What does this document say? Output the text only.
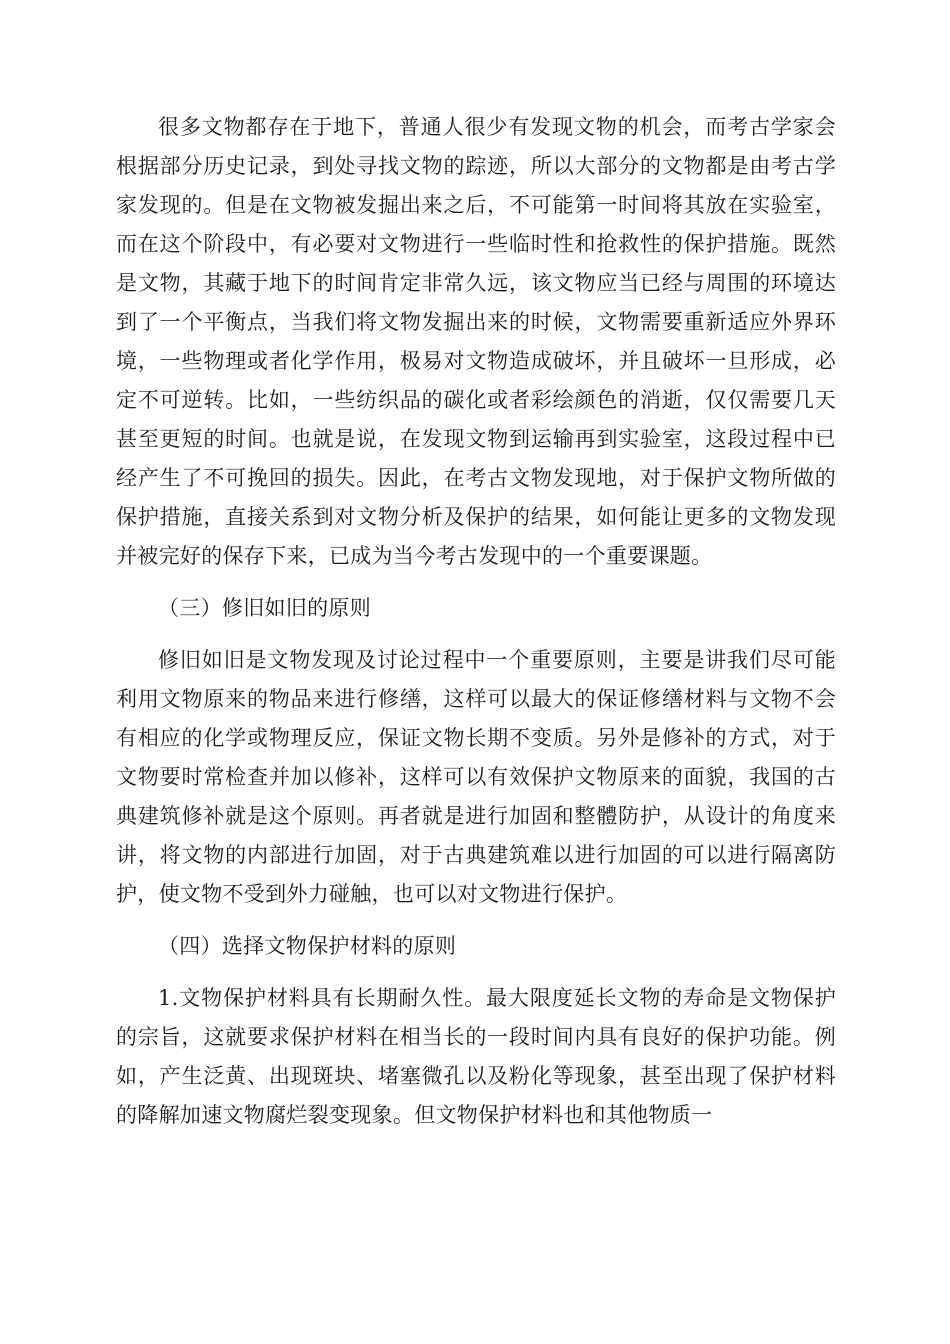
很多文物都存在于地下，普通人很少有发现文物的机会，而考古学家会根据部分历史记录，到处寻找文物的踪迹，所以大部分的文物都是由考古学家发现的。但是在文物被发掘出来之后，不可能第一时间将其放在实验室，而在这个阶段中，有必要对文物进行一些临时性和抢救性的保护措施。既然是文物，其藏于地下的时间肯定非常久远，该文物应当已经与周围的环境达到了一个平衡点，当我们将文物发掘出来的时候，文物需要重新适应外界环境，一些物理或者化学作用，极易对文物造成破坏，并且破坏一旦形成，必定不可逆转。比如，一些纺织品的碳化或者彩绘颜色的消逝，仅仅需要几天甚至更短的时间。也就是说，在发现文物到运输再到实验室，这段过程中已经产生了不可挽回的损失。因此，在考古文物发现地，对于保护文物所做的保护措施，直接关系到对文物分析及保护的结果，如何能让更多的文物发现并被完好的保存下来，已成为当今考古发现中的一个重要课题。

（三）修旧如旧的原则

修旧如旧是文物发现及讨论过程中一个重要原则，主要是讲我们尽可能利用文物原来的物品来进行修缮，这样可以最大的保证修缮材料与文物不会有相应的化学或物理反应，保证文物长期不变质。另外是修补的方式，对于文物要时常检查并加以修补，这样可以有效保护文物原来的面貌，我国的古典建筑修补就是这个原则。再者就是进行加固和整體防护，从设计的角度来讲，将文物的内部进行加固，对于古典建筑难以进行加固的可以进行隔离防护，使文物不受到外力碰触，也可以对文物进行保护。

（四）选择文物保护材料的原则

1.文物保护材料具有长期耐久性。最大限度延长文物的寿命是文物保护的宗旨，这就要求保护材料在相当长的一段时间内具有良好的保护功能。例如，产生泛黄、出现斑块、堵塞微孔以及粉化等现象，甚至出现了保护材料的降解加速文物腐烂裂变现象。但文物保护材料也和其他物质一
